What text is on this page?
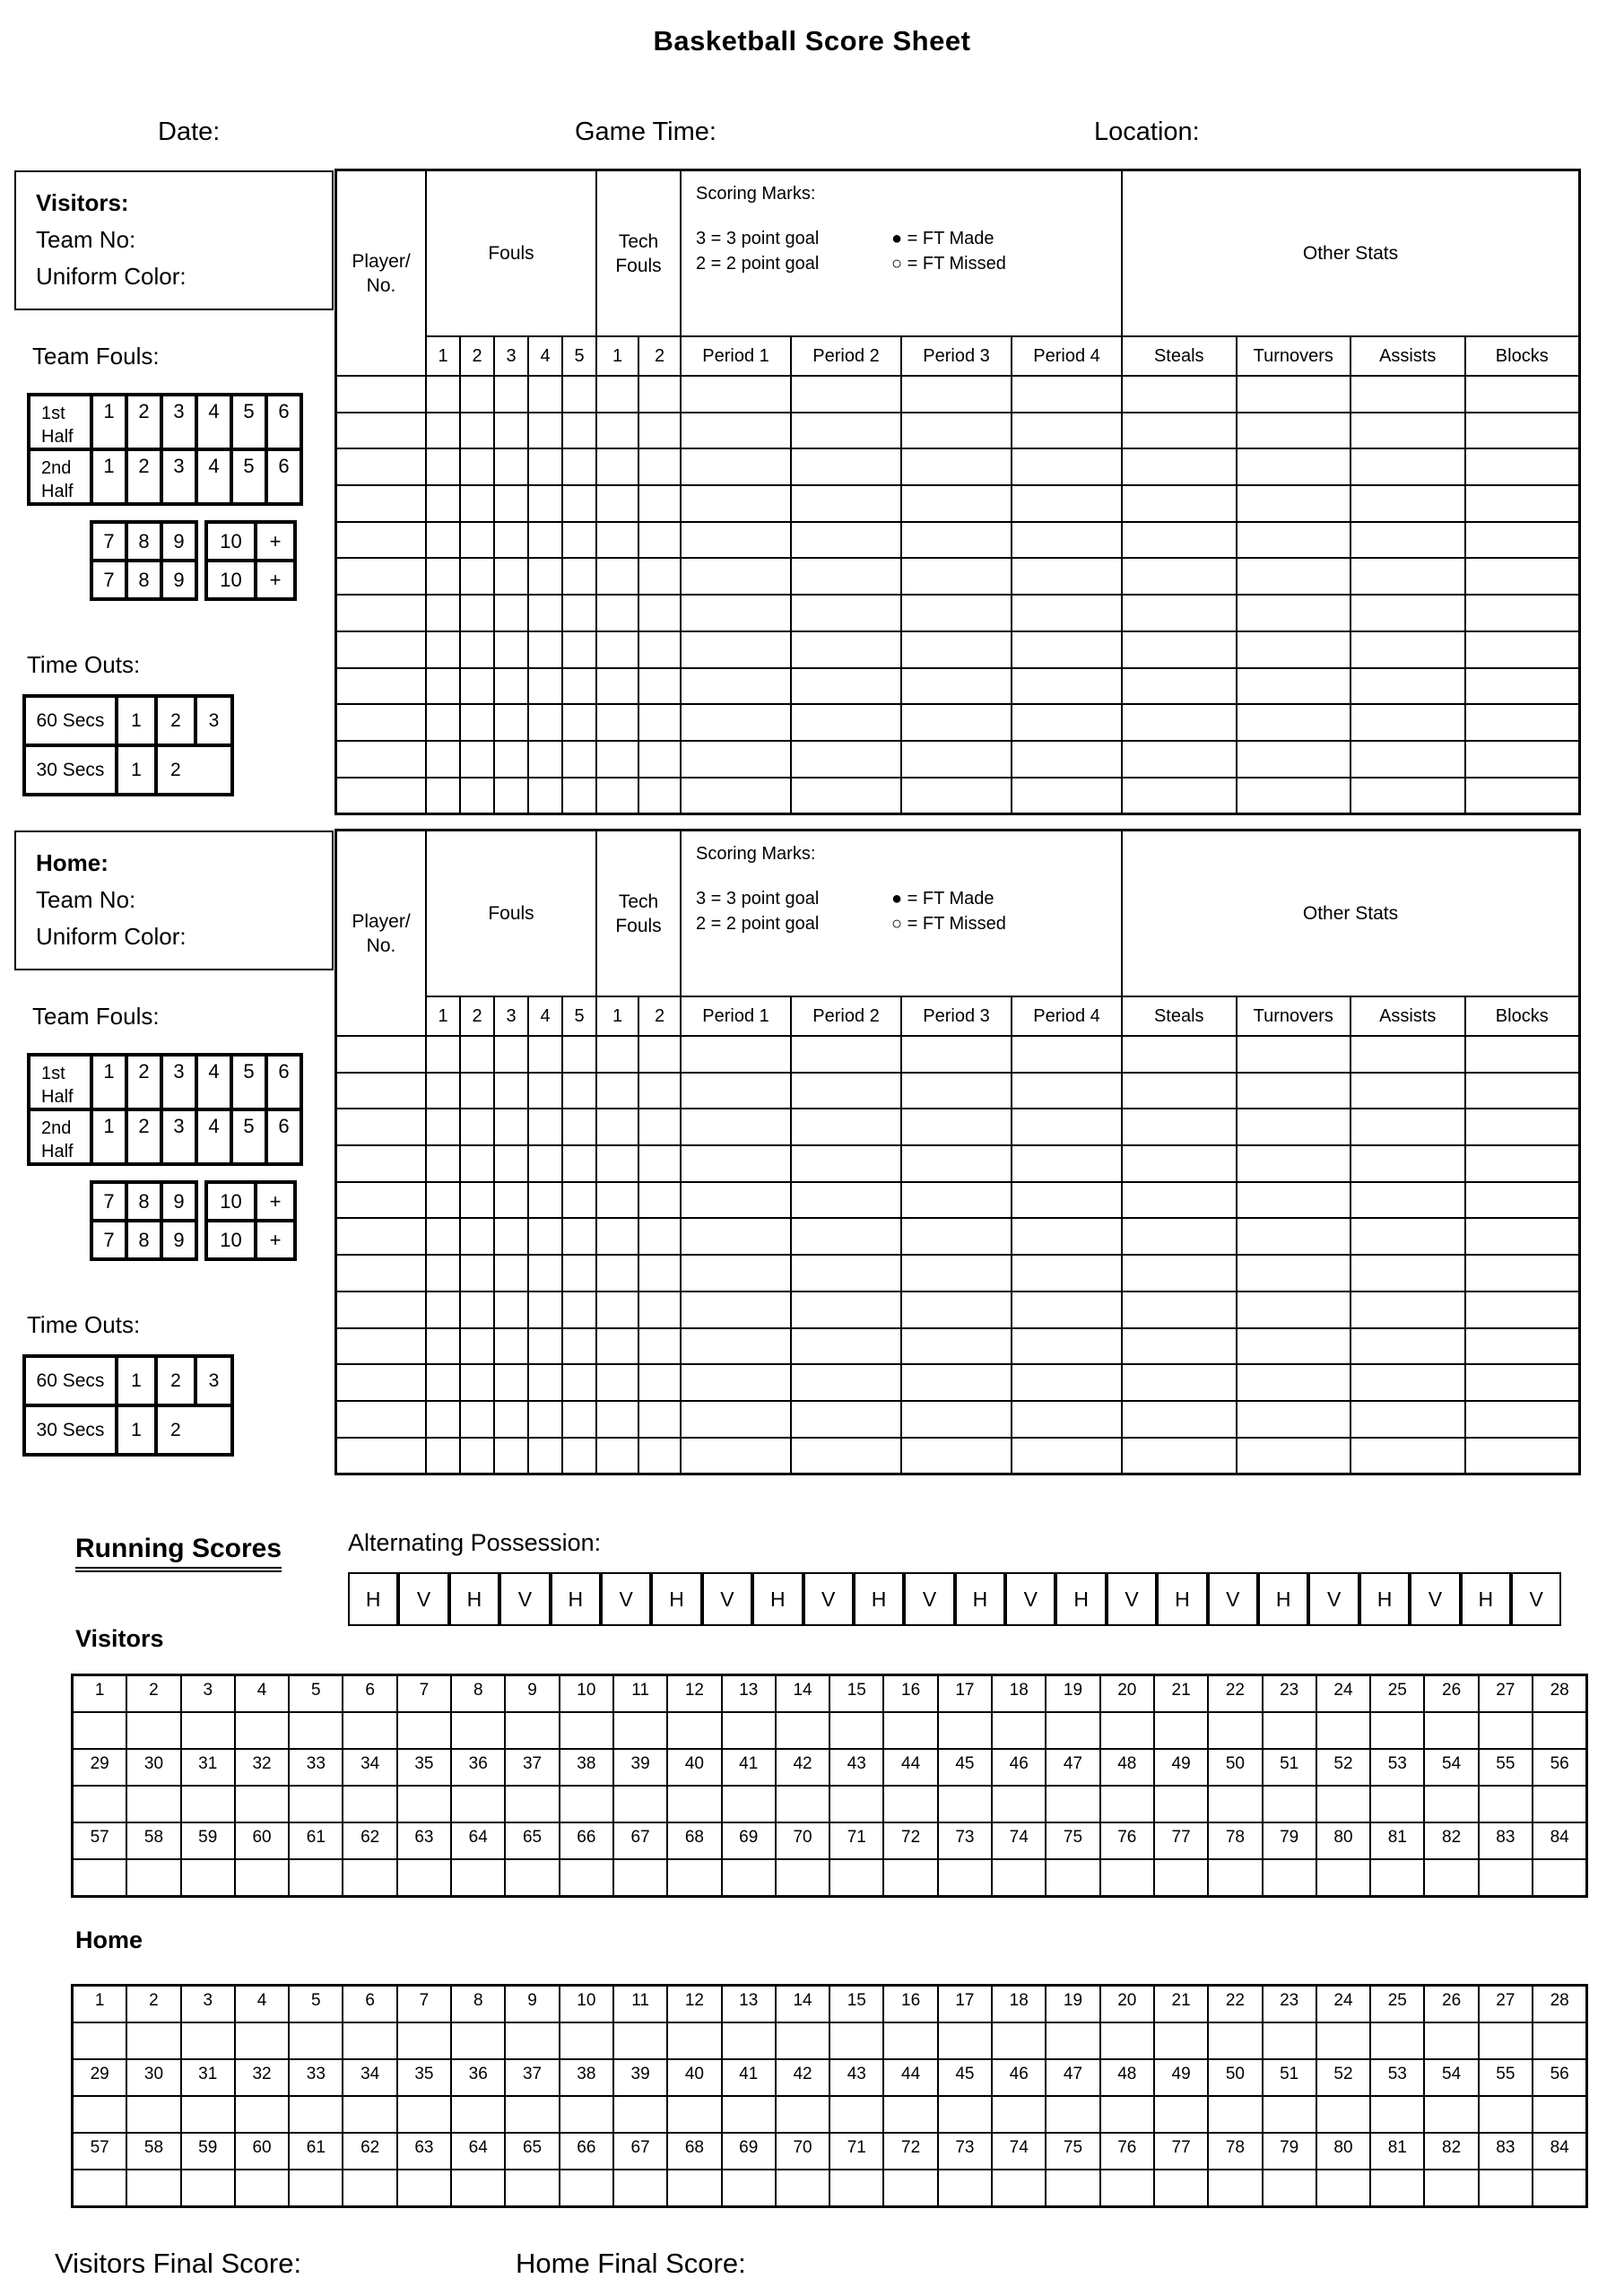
Basketball Score Sheet
Date:	Game Time:	Location:
Visitors:
Team No:
Uniform Color:
Team Fouls:
1st
Half
1	2	3	4	5	6
2nd
Half
1	2	3	4	5	6
7	8	9
7	8	9
10	+
10	+
Time Outs:
60 Secs	1	2	3
30 Secs	1	2
Player/
No.
Fouls
Tech
Fouls
Scoring Marks:
3 = 3 point goal	● = FT Made
2 = 2 point goal	○ = FT Missed
Other Stats
1	2	3	4	5	1	2	Period 1	Period 2	Period 3	Period 4	Steals	Turnovers	Assists	Blocks
Home:
Team No:
Uniform Color:
Team Fouls:
1st
Half
1	2	3	4	5	6
2nd
Half
1	2	3	4	5	6
7	8	9
7	8	9
10	+
10	+
Time Outs:
60 Secs	1	2	3
30 Secs	1	2
Player/
No.
Fouls
Tech
Fouls
Scoring Marks:
3 = 3 point goal	● = FT Made
2 = 2 point goal	○ = FT Missed
Other Stats
1	2	3	4	5	1	2	Period 1	Period 2	Period 3	Period 4	Steals	Turnovers	Assists	Blocks
Running Scores	Alternating Possession:
H	V	H	V	H	V	H	V	H	V	H	V	H	V	H	V	H	V	H	V	H	V	H	V
Visitors
1	2	3	4	5	6	7	8	9	10	11	12	13	14	15	16	17	18	19	20	21	22	23	24	25	26	27	28
29	30	31	32	33	34	35	36	37	38	39	40	41	42	43	44	45	46	47	48	49	50	51	52	53	54	55	56
57	58	59	60	61	62	63	64	65	66	67	68	69	70	71	72	73	74	75	76	77	78	79	80	81	82	83	84
Home
1	2	3	4	5	6	7	8	9	10	11	12	13	14	15	16	17	18	19	20	21	22	23	24	25	26	27	28
29	30	31	32	33	34	35	36	37	38	39	40	41	42	43	44	45	46	47	48	49	50	51	52	53	54	55	56
57	58	59	60	61	62	63	64	65	66	67	68	69	70	71	72	73	74	75	76	77	78	79	80	81	82	83	84
Visitors Final Score:	Home Final Score:
